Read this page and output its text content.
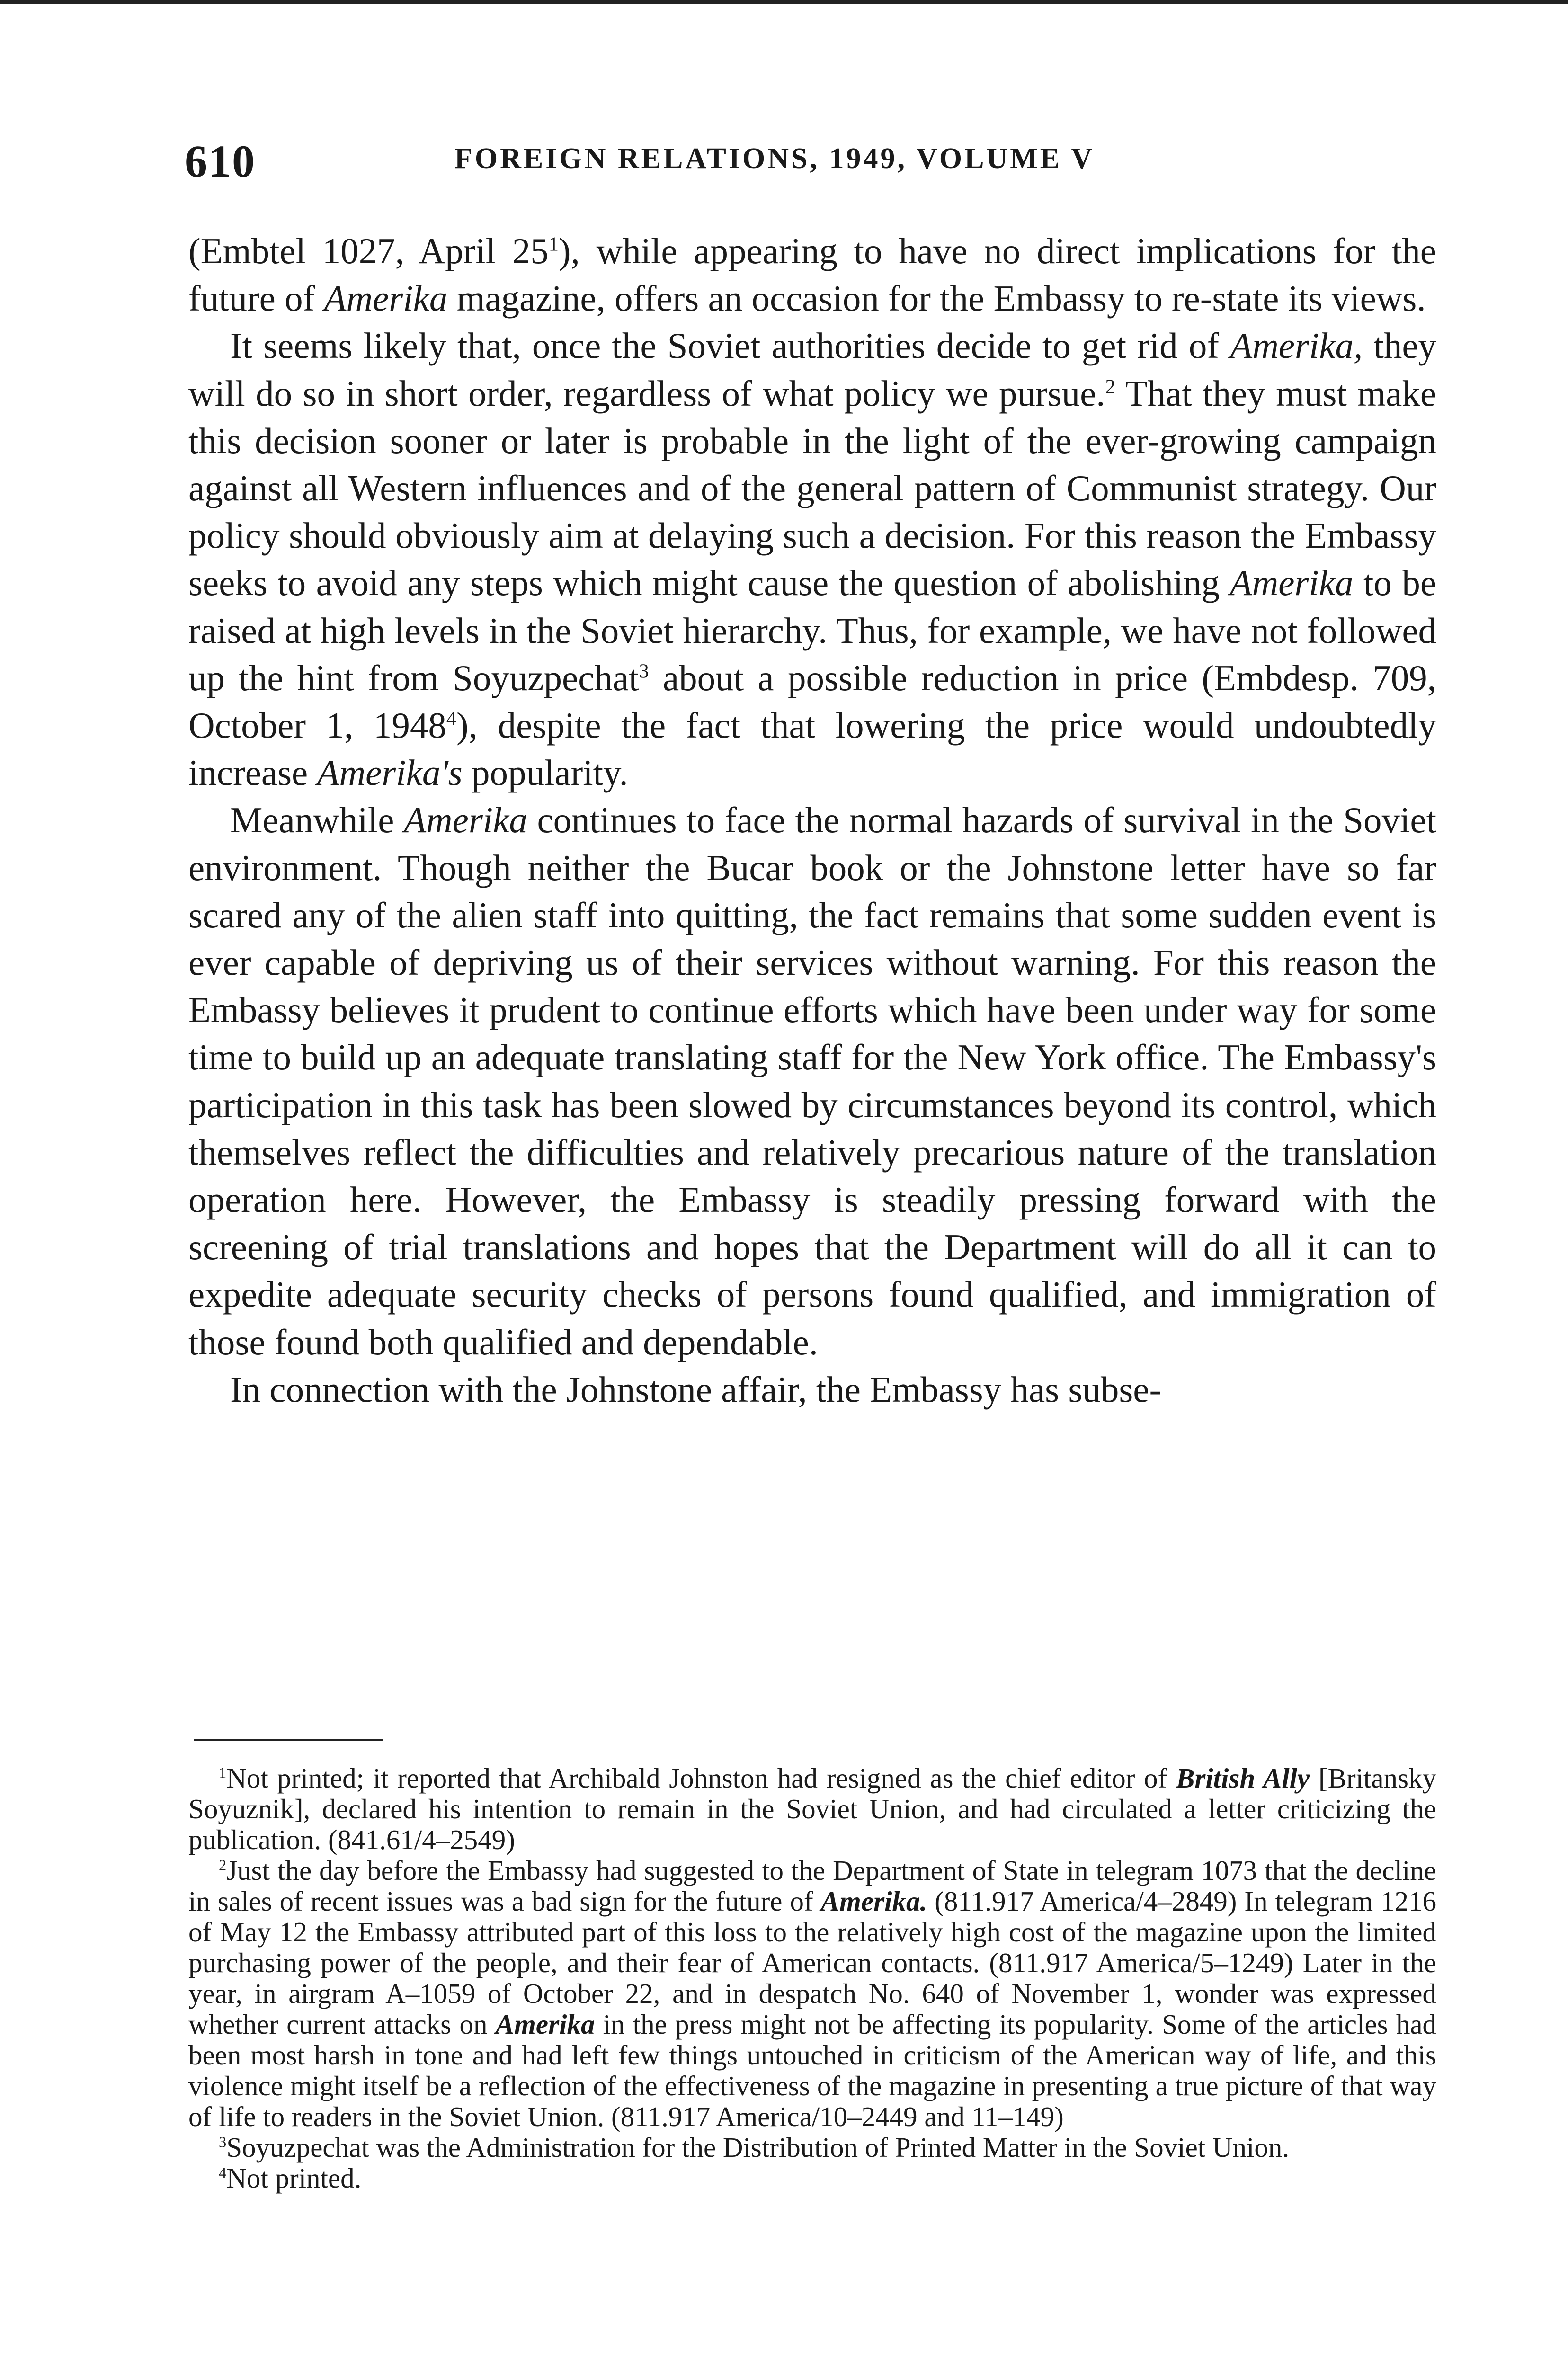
610	FOREIGN RELATIONS, 1949, VOLUME V

(Embtel 1027, April $25^1$), while appearing to have no direct implications for the future of Amerika magazine, offers an occasion for the Embassy to re-state its views.

It seems likely that, once the Soviet authorities decide to get rid of Amerika, they will do so in short order, regardless of what policy we pursue.$^2$ That they must make this decision sooner or later is probable in the light of the ever-growing campaign against all Western influences and of the general pattern of Communist strategy. Our policy should obviously aim at delaying such a decision. For this reason the Embassy seeks to avoid any steps which might cause the question of abolishing Amerika to be raised at high levels in the Soviet hierarchy. Thus, for example, we have not followed up the hint from Soyuzpechat$^3$ about a possible reduction in price (Embdesp. 709, October 1, 1948$^4$), despite the fact that lowering the price would undoubtedly increase Amerika's popularity.

Meanwhile Amerika continues to face the normal hazards of survival in the Soviet environment. Though neither the Bucar book or the Johnstone letter have so far scared any of the alien staff into quitting, the fact remains that some sudden event is ever capable of depriving us of their services without warning. For this reason the Embassy believes it prudent to continue efforts which have been under way for some time to build up an adequate translating staff for the New York office. The Embassy's participation in this task has been slowed by circumstances beyond its control, which themselves reflect the difficulties and relatively precarious nature of the translation operation here. However, the Embassy is steadily pressing forward with the screening of trial translations and hopes that the Department will do all it can to expedite adequate security checks of persons found qualified, and immigration of those found both qualified and dependable.

In connection with the Johnstone affair, the Embassy has subse-

$^1$Not printed; it reported that Archibald Johnston had resigned as the chief editor of British Ally [Britansky Soyuznik], declared his intention to remain in the Soviet Union, and had circulated a letter criticizing the publication. (841.61/4–2549)

$^2$Just the day before the Embassy had suggested to the Department of State in telegram 1073 that the decline in sales of recent issues was a bad sign for the future of Amerika. (811.917 America/4–2849) In telegram 1216 of May 12 the Embassy attributed part of this loss to the relatively high cost of the magazine upon the limited purchasing power of the people, and their fear of American contacts. (811.917 America/5–1249) Later in the year, in airgram A–1059 of October 22, and in despatch No. 640 of November 1, wonder was expressed whether current attacks on Amerika in the press might not be affecting its popularity. Some of the articles had been most harsh in tone and had left few things untouched in criticism of the American way of life, and this violence might itself be a reflection of the effectiveness of the magazine in presenting a true picture of that way of life to readers in the Soviet Union. (811.917 America/10–2449 and 11–149)

$^3$Soyuzpechat was the Administration for the Distribution of Printed Matter in the Soviet Union.

$^4$Not printed.
